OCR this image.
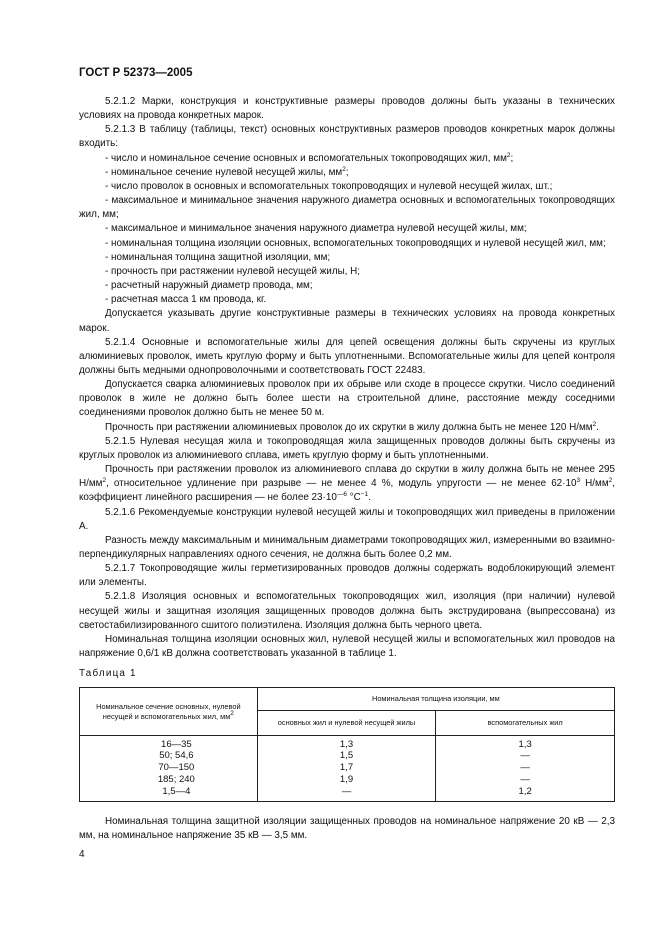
ГОСТ Р 52373—2005

5.2.1.2 Марки, конструкция и конструктивные размеры проводов должны быть указаны в технических условиях на провода конкретных марок.

5.2.1.3 В таблицу (таблицы, текст) основных конструктивных размеров проводов конкретных марок должны входить:

- число и номинальное сечение основных и вспомогательных токопроводящих жил, $мм^2$;

- номинальное сечение нулевой несущей жилы, $мм^2$;

- число проволок в основных и вспомогательных токопроводящих и нулевой несущей жилах, шт.;

- максимальное и минимальное значения наружного диаметра основных и вспомогательных токопроводящих жил, мм;

- максимальное и минимальное значения наружного диаметра нулевой несущей жилы, мм;

- номинальная толщина изоляции основных, вспомогательных токопроводящих и нулевой несущей жил, мм;

- номинальная толщина защитной изоляции, мм;

- прочность при растяжении нулевой несущей жилы, Н;

- расчетный наружный диаметр провода, мм;

- расчетная масса 1 км провода, кг.

Допускается указывать другие конструктивные размеры в технических условиях на провода конкретных марок.

5.2.1.4 Основные и вспомогательные жилы для цепей освещения должны быть скручены из круглых алюминиевых проволок, иметь круглую форму и быть уплотненными. Вспомогательные жилы для цепей контроля должны быть медными однопроволочными и соответствовать ГОСТ 22483.

Допускается сварка алюминиевых проволок при их обрыве или сходе в процессе скрутки. Число соединений проволок в жиле не должно быть более шести на строительной длине, расстояние между соседними соединениями проволок должно быть не менее 50 м.

Прочность при растяжении алюминиевых проволок до их скрутки в жилу должна быть не менее 120 $Н/мм^2$.

5.2.1.5 Нулевая несущая жила и токопроводящая жила защищенных проводов должны быть скручены из круглых проволок из алюминиевого сплава, иметь круглую форму и быть уплотненными.

Прочность при растяжении проволок из алюминиевого сплава до скрутки в жилу должна быть не менее 295 $Н/мм^2$, относительное удлинение при разрыве — не менее 4 %, модуль упругости — не менее $62\cdot 10^3$ $Н/мм^2$, коэффициент линейного расширения — не более $23\cdot 10^{—6}$ $^\circ С^{-1}$.

5.2.1.6 Рекомендуемые конструкции нулевой несущей жилы и токопроводящих жил приведены в приложении А.

Разность между максимальным и минимальным диаметрами токопроводящих жил, измеренными во взаимно-перпендикулярных направлениях одного сечения, не должна быть более 0,2 мм.

5.2.1.7 Токопроводящие жилы герметизированных проводов должны содержать водоблокирующий элемент или элементы.

5.2.1.8 Изоляция основных и вспомогательных токопроводящих жил, изоляция (при наличии) нулевой несущей жилы и защитная изоляция защищенных проводов должна быть экструдирована (выпрессована) из светостабилизированного сшитого полиэтилена. Изоляция должна быть черного цвета.

Номинальная толщина изоляции основных жил, нулевой несущей жилы и вспомогательных жил проводов на напряжение 0,6/1 кВ должна соответствовать указанной в таблице 1.

Таблица 1
Номинальное сечение основных, нулевой несущей и вспомогательных жил, $мм^2$	Номинальная толщина изоляции, мм	
	основных жил и нулевой несущей жилы	вспомогательных жил

16—35	1,3	1,3
50; 54,6	1,5	—
70—150	1,7	—
185; 240	1,9	—
1,5—4	—	1,2

Номинальная толщина защитной изоляции защищенных проводов на номинальное напряжение 20 кВ — 2,3 мм, на номинальное напряжение 35 кВ — 3,5 мм.

4
